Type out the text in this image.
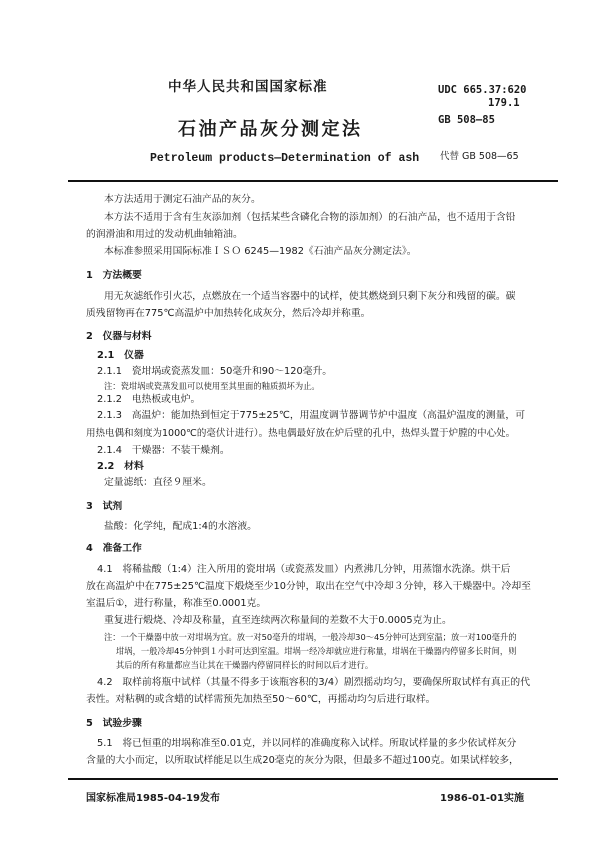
中华人民共和国国家标准	UDC 665.37:620
179.1
GB 508—85
石油产品灰分测定法
Petroleum products—Determination of ash 代替 GB 508—65
本方法适用于测定石油产品的灰分。
本方法不适用于含有生灰添加剂（包括某些含磷化合物的添加剂）的石油产品，也不适用于含铅
的润滑油和用过的发动机曲轴箱油。
本标准参照采用国际标准ＩＳＯ 6245—1982《石油产品灰分测定法》。
1　方法概要
用无灰滤纸作引火芯，点燃放在一个适当容器中的试样，使其燃烧到只剩下灰分和残留的碳。碳
质残留物再在775℃高温炉中加热转化成灰分，然后冷却并称重。
2　仪器与材料
2.1　仪器
2.1.1　瓷坩埚或瓷蒸发皿：50毫升和90～120毫升。
注：瓷坩埚或瓷蒸发皿可以使用至其里面的釉质损坏为止。
2.1.2　电热板或电炉。
2.1.3　高温炉：能加热到恒定于775±25℃，用温度调节器调节炉中温度（高温炉温度的测量，可
用热电偶和刻度为1000℃的毫伏计进行）。热电偶最好放在炉后壁的孔中，热焊头置于炉膛的中心处。
2.1.4　干燥器：不装干燥剂。
2.2　材料
定量滤纸：直径９厘米。
3　试剂
盐酸：化学纯，配成1:4的水溶液。
4　准备工作
4.1　将稀盐酸（1:4）注入所用的瓷坩埚（或瓷蒸发皿）内煮沸几分钟，用蒸馏水洗涤。烘干后
放在高温炉中在775±25℃温度下煅烧至少10分钟，取出在空气中冷却３分钟，移入干燥器中。冷却至
室温后①，进行称量，称准至0.0001克。
重复进行煅烧、冷却及称量，直至连续两次称量间的差数不大于0.0005克为止。
注：一个干燥器中放一对坩埚为宜。放一对50毫升的坩埚，一般冷却30～45分钟可达到室温；放一对100毫升的
坩埚，一般冷却45分钟到１小时可达到室温。坩埚一经冷却就应进行称量，坩埚在干燥器内停留多长时间，则
其后的所有称量都应当让其在干燥器内停留同样长的时间以后才进行。
4.2　取样前将瓶中试样（其量不得多于该瓶容积的3/4）剧烈摇动均匀，要确保所取试样有真正的代
表性。对粘稠的或含蜡的试样需预先加热至50～60℃，再摇动均匀后进行取样。
5　试验步骤
5.1　将已恒重的坩埚称准至0.01克，并以同样的准确度称入试样。所取试样量的多少依试样灰分
含量的大小而定，以所取试样能足以生成20毫克的灰分为限，但最多不超过100克。如果试样较多，
国家标准局1985-04-19发布	1986-01-01实施
